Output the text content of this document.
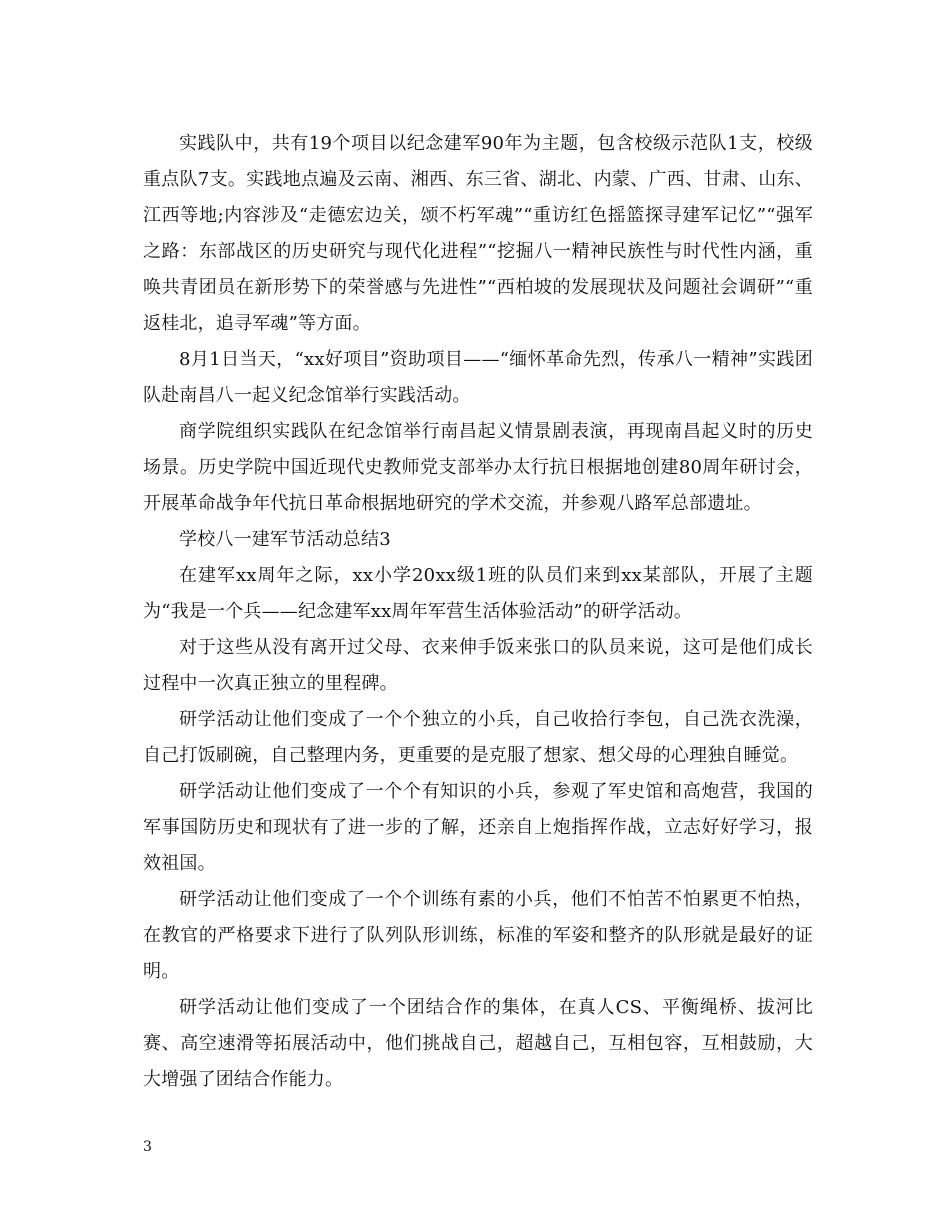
实践队中，共有19个项目以纪念建军90年为主题，包含校级示范队1支，校级重点队7支。实践地点遍及云南、湘西、东三省、湖北、内蒙、广西、甘肃、山东、江西等地;内容涉及“走德宏边关，颂不朽军魂”“重访红色摇篮探寻建军记忆”“强军之路：东部战区的历史研究与现代化进程”“挖掘八一精神民族性与时代性内涵，重唤共青团员在新形势下的荣誉感与先进性”“西柏坡的发展现状及问题社会调研”“重返桂北，追寻军魂”等方面。

8月1日当天，“xx好项目”资助项目——“缅怀革命先烈，传承八一精神”实践团队赴南昌八一起义纪念馆举行实践活动。

商学院组织实践队在纪念馆举行南昌起义情景剧表演，再现南昌起义时的历史场景。历史学院中国近现代史教师党支部举办太行抗日根据地创建80周年研讨会，开展革命战争年代抗日革命根据地研究的学术交流，并参观八路军总部遗址。

学校八一建军节活动总结3

在建军xx周年之际，xx小学20xx级1班的队员们来到xx某部队，开展了主题为“我是一个兵——纪念建军xx周年军营生活体验活动”的研学活动。

对于这些从没有离开过父母、衣来伸手饭来张口的队员来说，这可是他们成长过程中一次真正独立的里程碑。

研学活动让他们变成了一个个独立的小兵，自己收拾行李包，自己洗衣洗澡，自己打饭刷碗，自己整理内务，更重要的是克服了想家、想父母的心理独自睡觉。

研学活动让他们变成了一个个有知识的小兵，参观了军史馆和高炮营，我国的军事国防历史和现状有了进一步的了解，还亲自上炮指挥作战，立志好好学习，报效祖国。

研学活动让他们变成了一个个训练有素的小兵，他们不怕苦不怕累更不怕热，在教官的严格要求下进行了队列队形训练，标准的军姿和整齐的队形就是最好的证明。

研学活动让他们变成了一个团结合作的集体，在真人CS、平衡绳桥、拔河比赛、高空速滑等拓展活动中，他们挑战自己，超越自己，互相包容，互相鼓励，大大增强了团结合作能力。

3
